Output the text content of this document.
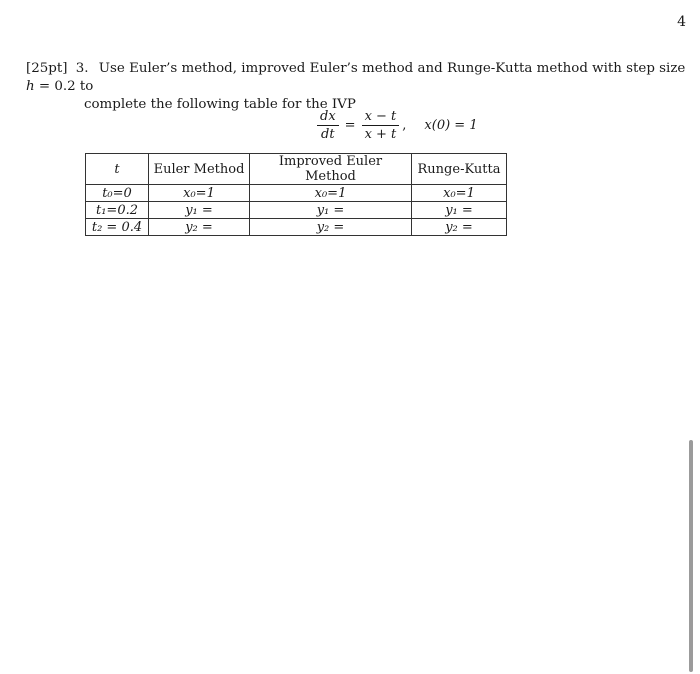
4
[25pt] 3. Use Euler’s method, improved Euler’s method and Runge-Kutta method with step size h = 0.2 to
complete the following table for the IVP
$\frac{dx}{dt} = \frac{x - t}{x + t}$ , x(0) = 1
t	Euler Method	Improved Euler Method	Runge-Kutta
t₀=0	x₀=1	x₀=1	x₀=1
t₁=0.2	y₁ =	y₁ =	y₁ =
t₂ = 0.4	y₂ =	y₂ =	y₂ =
